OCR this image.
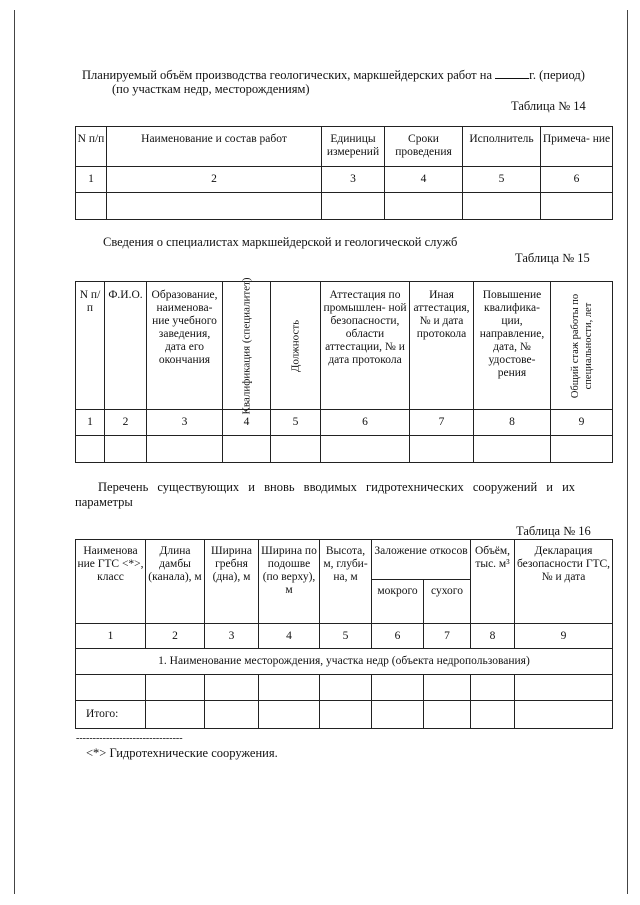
Планируемый объём производства геологических, маркшейдерских работ на	г. (период)
(по участкам недр, месторождениям)
Таблица № 14
N п/п	Наименование и состав работ	Единицы измерений	Сроки проведения	Исполнитель	Примеча- ние
1	2	3	4	5	6

Сведения о специалистах маркшейдерской и геологической служб
Таблица № 15
N п/п	Ф.И.О.	Образование, наименова- ние учебного заведения, дата его окончания	Квалификация (специалитет)	Должность	Аттестация по промышлен- ной безопасности, области аттестации, № и дата протокола	Иная аттестация, № и дата протокола	Повышение квалифика- ции, направление, дата, № удостове- рения	Общий стаж работы по специальности, лет

1	2	3	4	5	6	7	8	9

Перечень существующих и вновь вводимых гидротехнических сооружений и их
параметры
Таблица № 16
Наименова ние ГТС <*>, класс	Длина дамбы (канала), м	Ширина гребня (дна), м	Ширина по подошве (по верху), м	Высота, м, глуби- на, м	Заложение откосов		Объём, тыс. м³	Декларация безопасности ГТС, № и дата
					мокрого	сухого		
1	2	3	4	5	6	7	8	9
1. Наименование месторождения, участка недр (объекта недропользования)								

Итого:								
--------------------------------
<*> Гидротехнические сооружения.
